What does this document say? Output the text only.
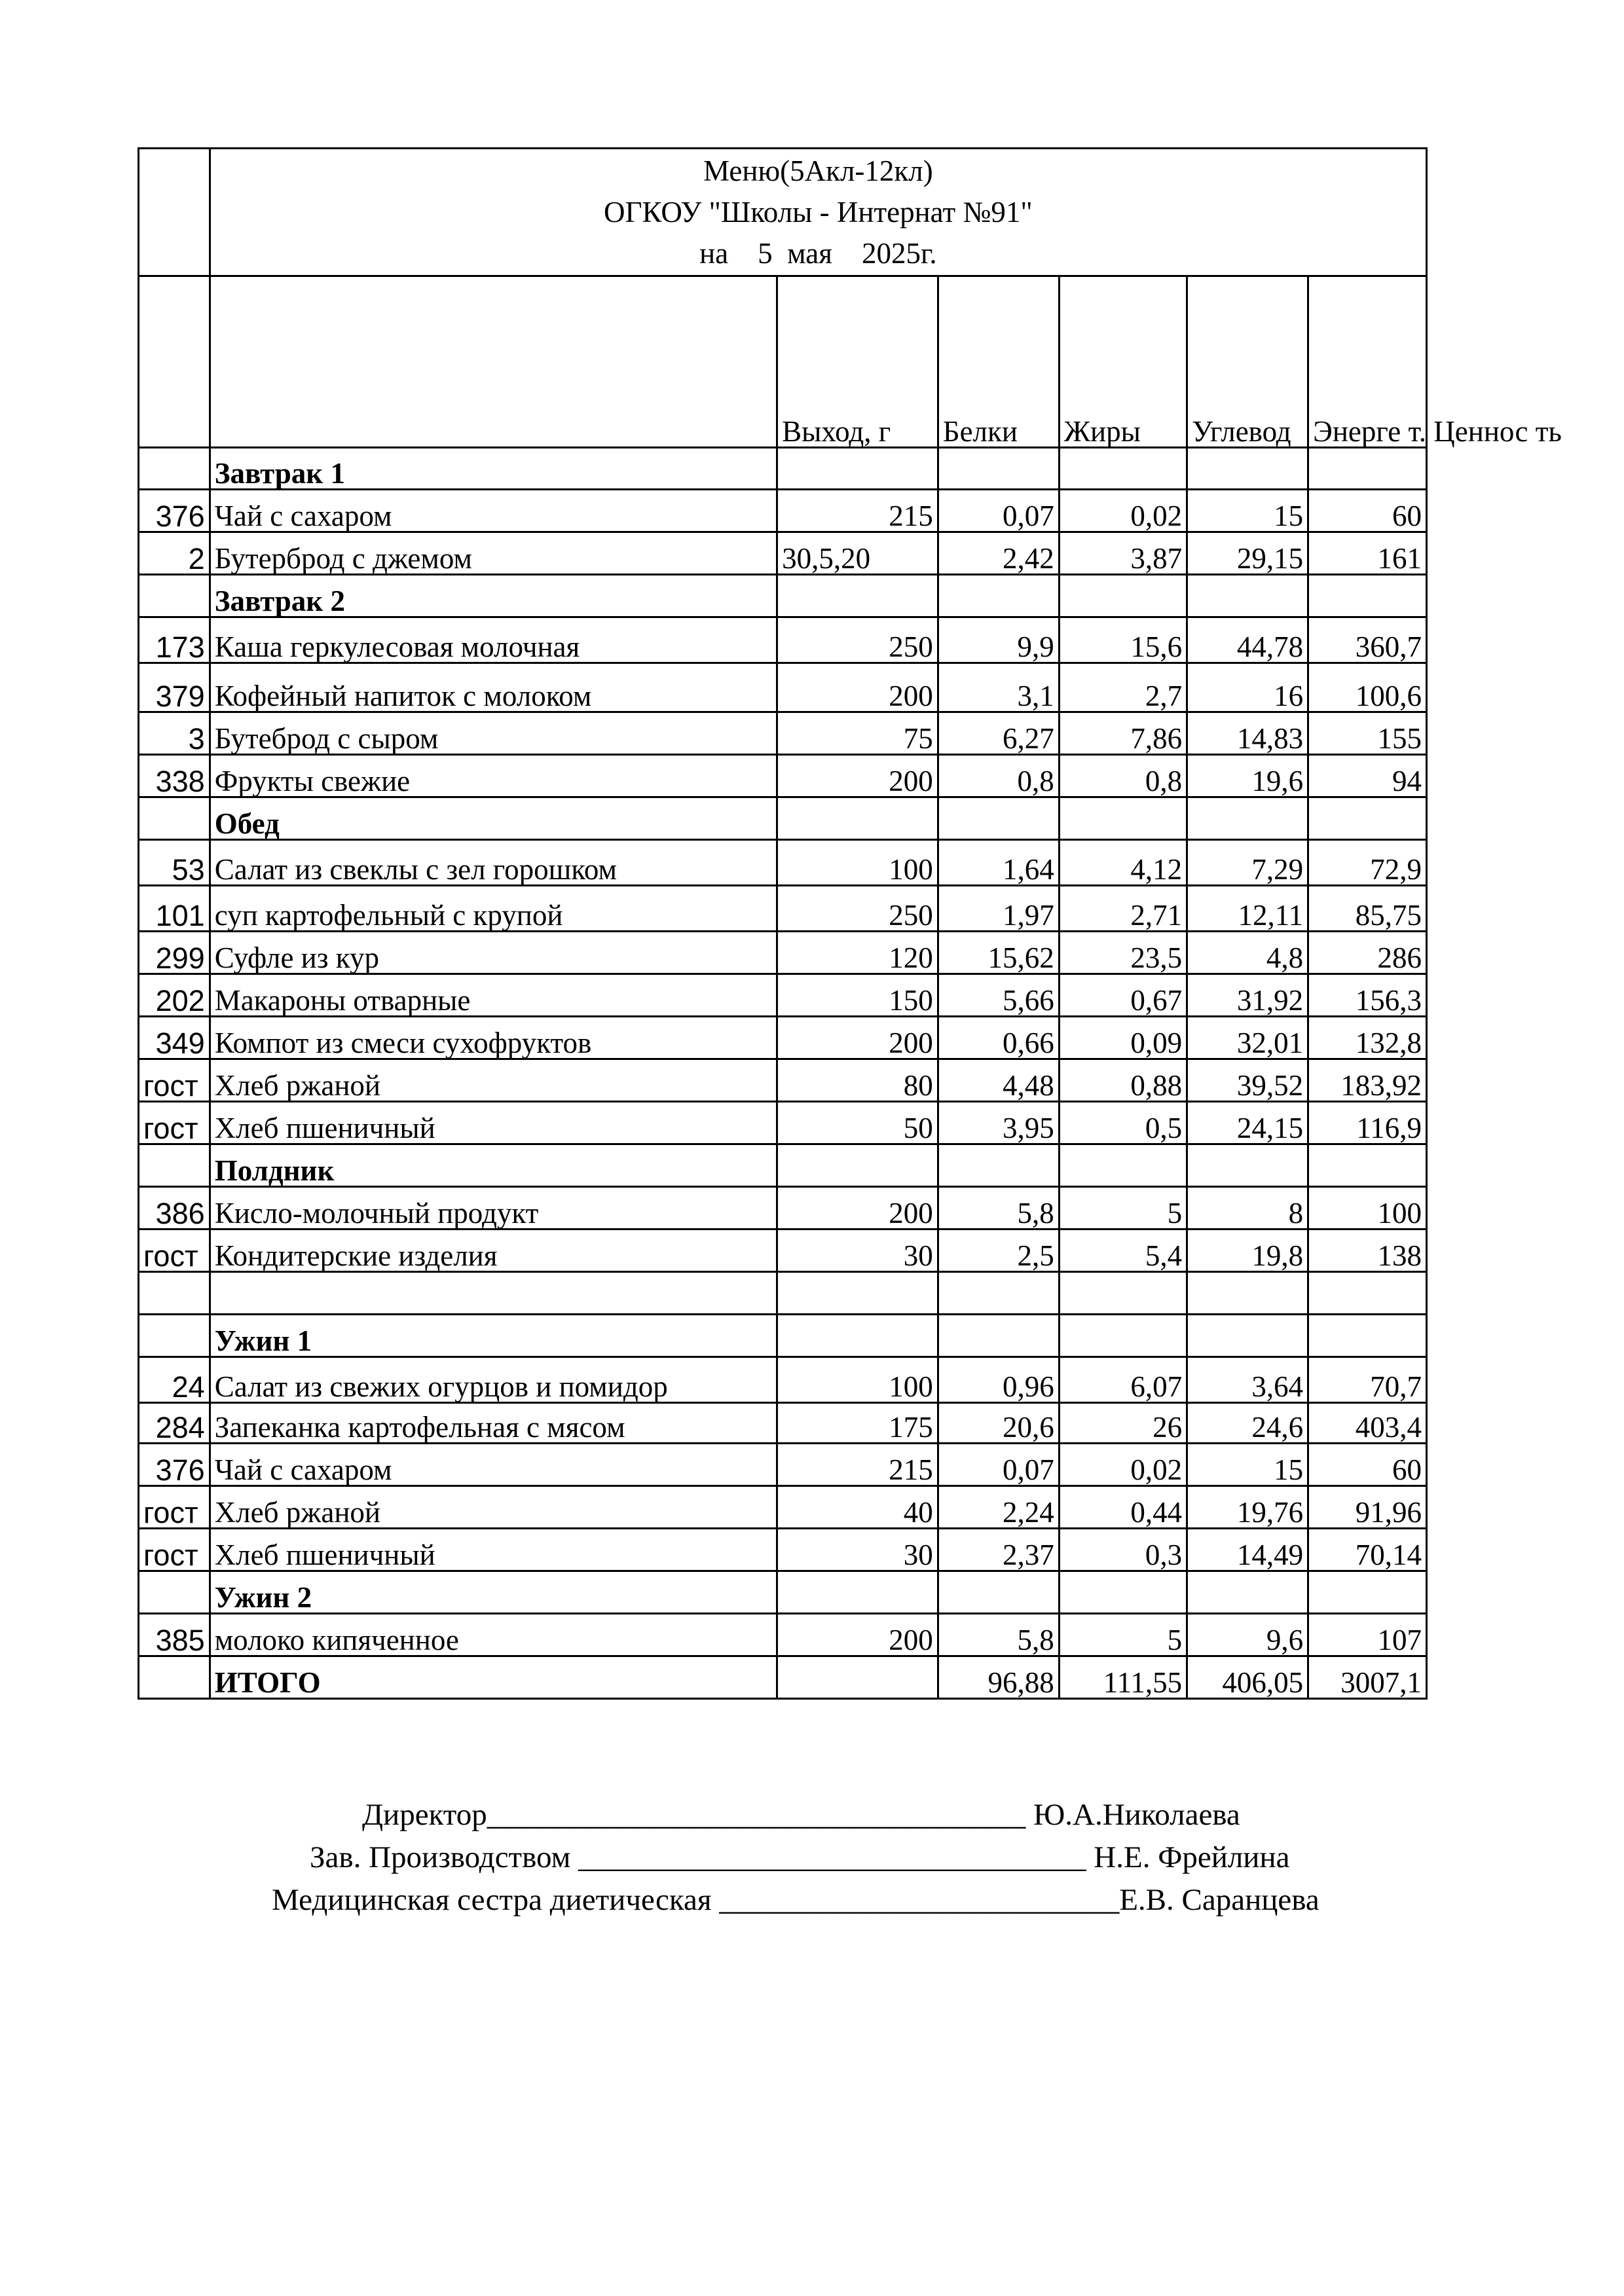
	Меню(5Акл-12кл)
ОГКОУ "Школы - Интернат №91"
на    5  мая    2025г.					

		Выход, г	Белки	Жиры	Углевод	Энерге т. Ценнос ть
	Завтрак 1					
376	Чай с сахаром	215	0,07	0,02	15	60
2	Бутерброд с джемом	30,5,20	2,42	3,87	29,15	161
	Завтрак 2					
173	Каша геркулесовая молочная	250	9,9	15,6	44,78	360,7
379	Кофейный напиток с молоком	200	3,1	2,7	16	100,6
3	Бутеброд с сыром	75	6,27	7,86	14,83	155
338	Фрукты свежие	200	0,8	0,8	19,6	94
	Обед					
53	Салат из свеклы с зел горошком	100	1,64	4,12	7,29	72,9
101	суп картофельный с крупой	250	1,97	2,71	12,11	85,75
299	Суфле из кур	120	15,62	23,5	4,8	286
202	Макароны отварные	150	5,66	0,67	31,92	156,3
349	Компот из смеси сухофруктов	200	0,66	0,09	32,01	132,8
гост	Хлеб ржаной	80	4,48	0,88	39,52	183,92
гост	Хлеб пшеничный	50	3,95	0,5	24,15	116,9
	Полдник					
386	Кисло-молочный продукт	200	5,8	5	8	100
гост	Кондитерские изделия	30	2,5	5,4	19,8	138

	Ужин 1					
24	Салат из свежих огурцов и помидор	100	0,96	6,07	3,64	70,7
284	Запеканка картофельная с мясом	175	20,6	26	24,6	403,4
376	Чай с сахаром	215	0,07	0,02	15	60
гост	Хлеб ржаной	40	2,24	0,44	19,76	91,96
гост	Хлеб пшеничный	30	2,37	0,3	14,49	70,14
	Ужин 2					
385	молоко кипяченное	200	5,8	5	9,6	107
	ИТОГО		96,88	111,55	406,05	3007,1
Директор___________________________________ Ю.А.Николаева
Зав. Производством _________________________________ Н.Е. Фрейлина
Медицинская сестра диетическая __________________________Е.В. Саранцева
